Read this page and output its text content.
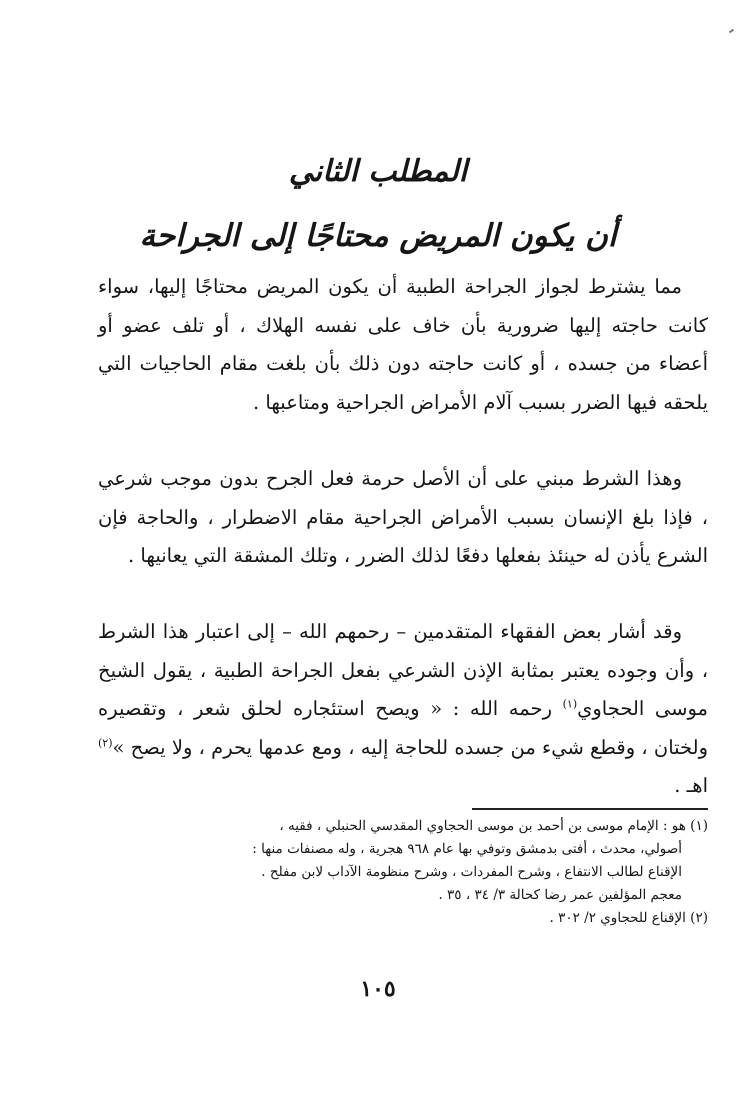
المطلب الثاني
أن يكون المريض محتاجًا إلى الجراحة
مما يشترط لجواز الجراحة الطبية أن يكون المريض محتاجًا إليها، سواء كانت حاجته إليها ضرورية بأن خاف على نفسه الهلاك ، أو تلف عضو أو أعضاء من جسده ، أو كانت حاجته دون ذلك بأن بلغت مقام الحاجيات التي يلحقه فيها الضرر بسبب آلام الأمراض الجراحية ومتاعبها .
وهذا الشرط مبني على أن الأصل حرمة فعل الجرح بدون موجب شرعي ، فإذا بلغ الإنسان بسبب الأمراض الجراحية مقام الاضطرار ، والحاجة فإن الشرع يأذن له حينئذ بفعلها دفعًا لذلك الضرر ، وتلك المشقة التي يعانيها .
وقد أشار بعض الفقهاء المتقدمين – رحمهم الله – إلى اعتبار هذا الشرط ، وأن وجوده يعتبر بمثابة الإذن الشرعي بفعل الجراحة الطبية ، يقول الشيخ موسى الحجاوي$^{(١)}$ رحمه الله : « ويصح استئجاره لحلق شعر ، وتقصيره ولختان ، وقطع شيء من جسده للحاجة إليه ، ومع عدمها يحرم ، ولا يصح »$^{(٢)}$ اهـ .
(١) هو : الإمام موسى بن أحمد بن موسى الحجاوي المقدسي الحنبلي ، فقيه ،
أصولي، محدث ، أفتى بدمشق وتوفي بها عام ٩٦٨ هجرية ، وله مصنفات منها :
الإقناع لطالب الانتفاع ، وشرح المفردات ، وشرح منظومة الآداب لابن مفلح .
معجم المؤلفين عمر رضا كحالة ٣/ ٣٤ ، ٣٥ .
(٢) الإقناع للحجاوي ٢/ ٣٠٢ .
١٠٥
